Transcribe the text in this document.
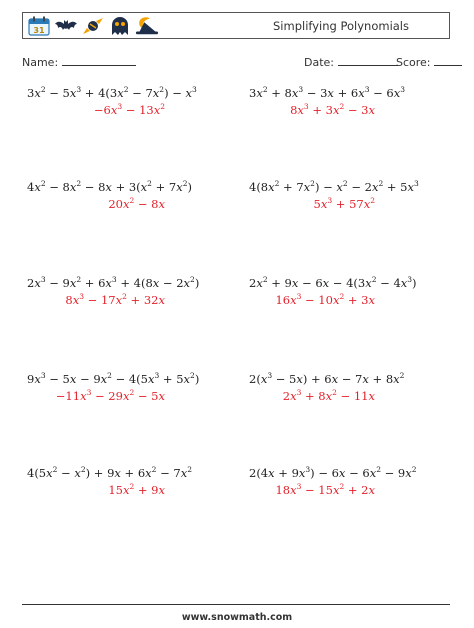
31	Simplifying Polynomials
Name:	Date:	Score:
$3x^2 - 5x^3 + 4(3x^2 - 7x^2) - x^3$
$-6x^3 - 13x^2$
$3x^2 + 8x^3 - 3x + 6x^3 - 6x^3$
$8x^3 + 3x^2 - 3x$
$4x^2 - 8x^2 - 8x + 3(x^2 + 7x^2)$
$20x^2 - 8x$
$4(8x^2 + 7x^2) - x^2 - 2x^2 + 5x^3$
$5x^3 + 57x^2$
$2x^3 - 9x^2 + 6x^3 + 4(8x - 2x^2)$
$8x^3 - 17x^2 + 32x$
$2x^2 + 9x - 6x - 4(3x^2 - 4x^3)$
$16x^3 - 10x^2 + 3x$
$9x^3 - 5x - 9x^2 - 4(5x^3 + 5x^2)$
$-11x^3 - 29x^2 - 5x$
$2(x^3 - 5x) + 6x - 7x + 8x^2$
$2x^3 + 8x^2 - 11x$
$4(5x^2 - x^2) + 9x + 6x^2 - 7x^2$
$15x^2 + 9x$
$2(4x + 9x^3) - 6x - 6x^2 - 9x^2$
$18x^3 - 15x^2 + 2x$
www.snowmath.com
